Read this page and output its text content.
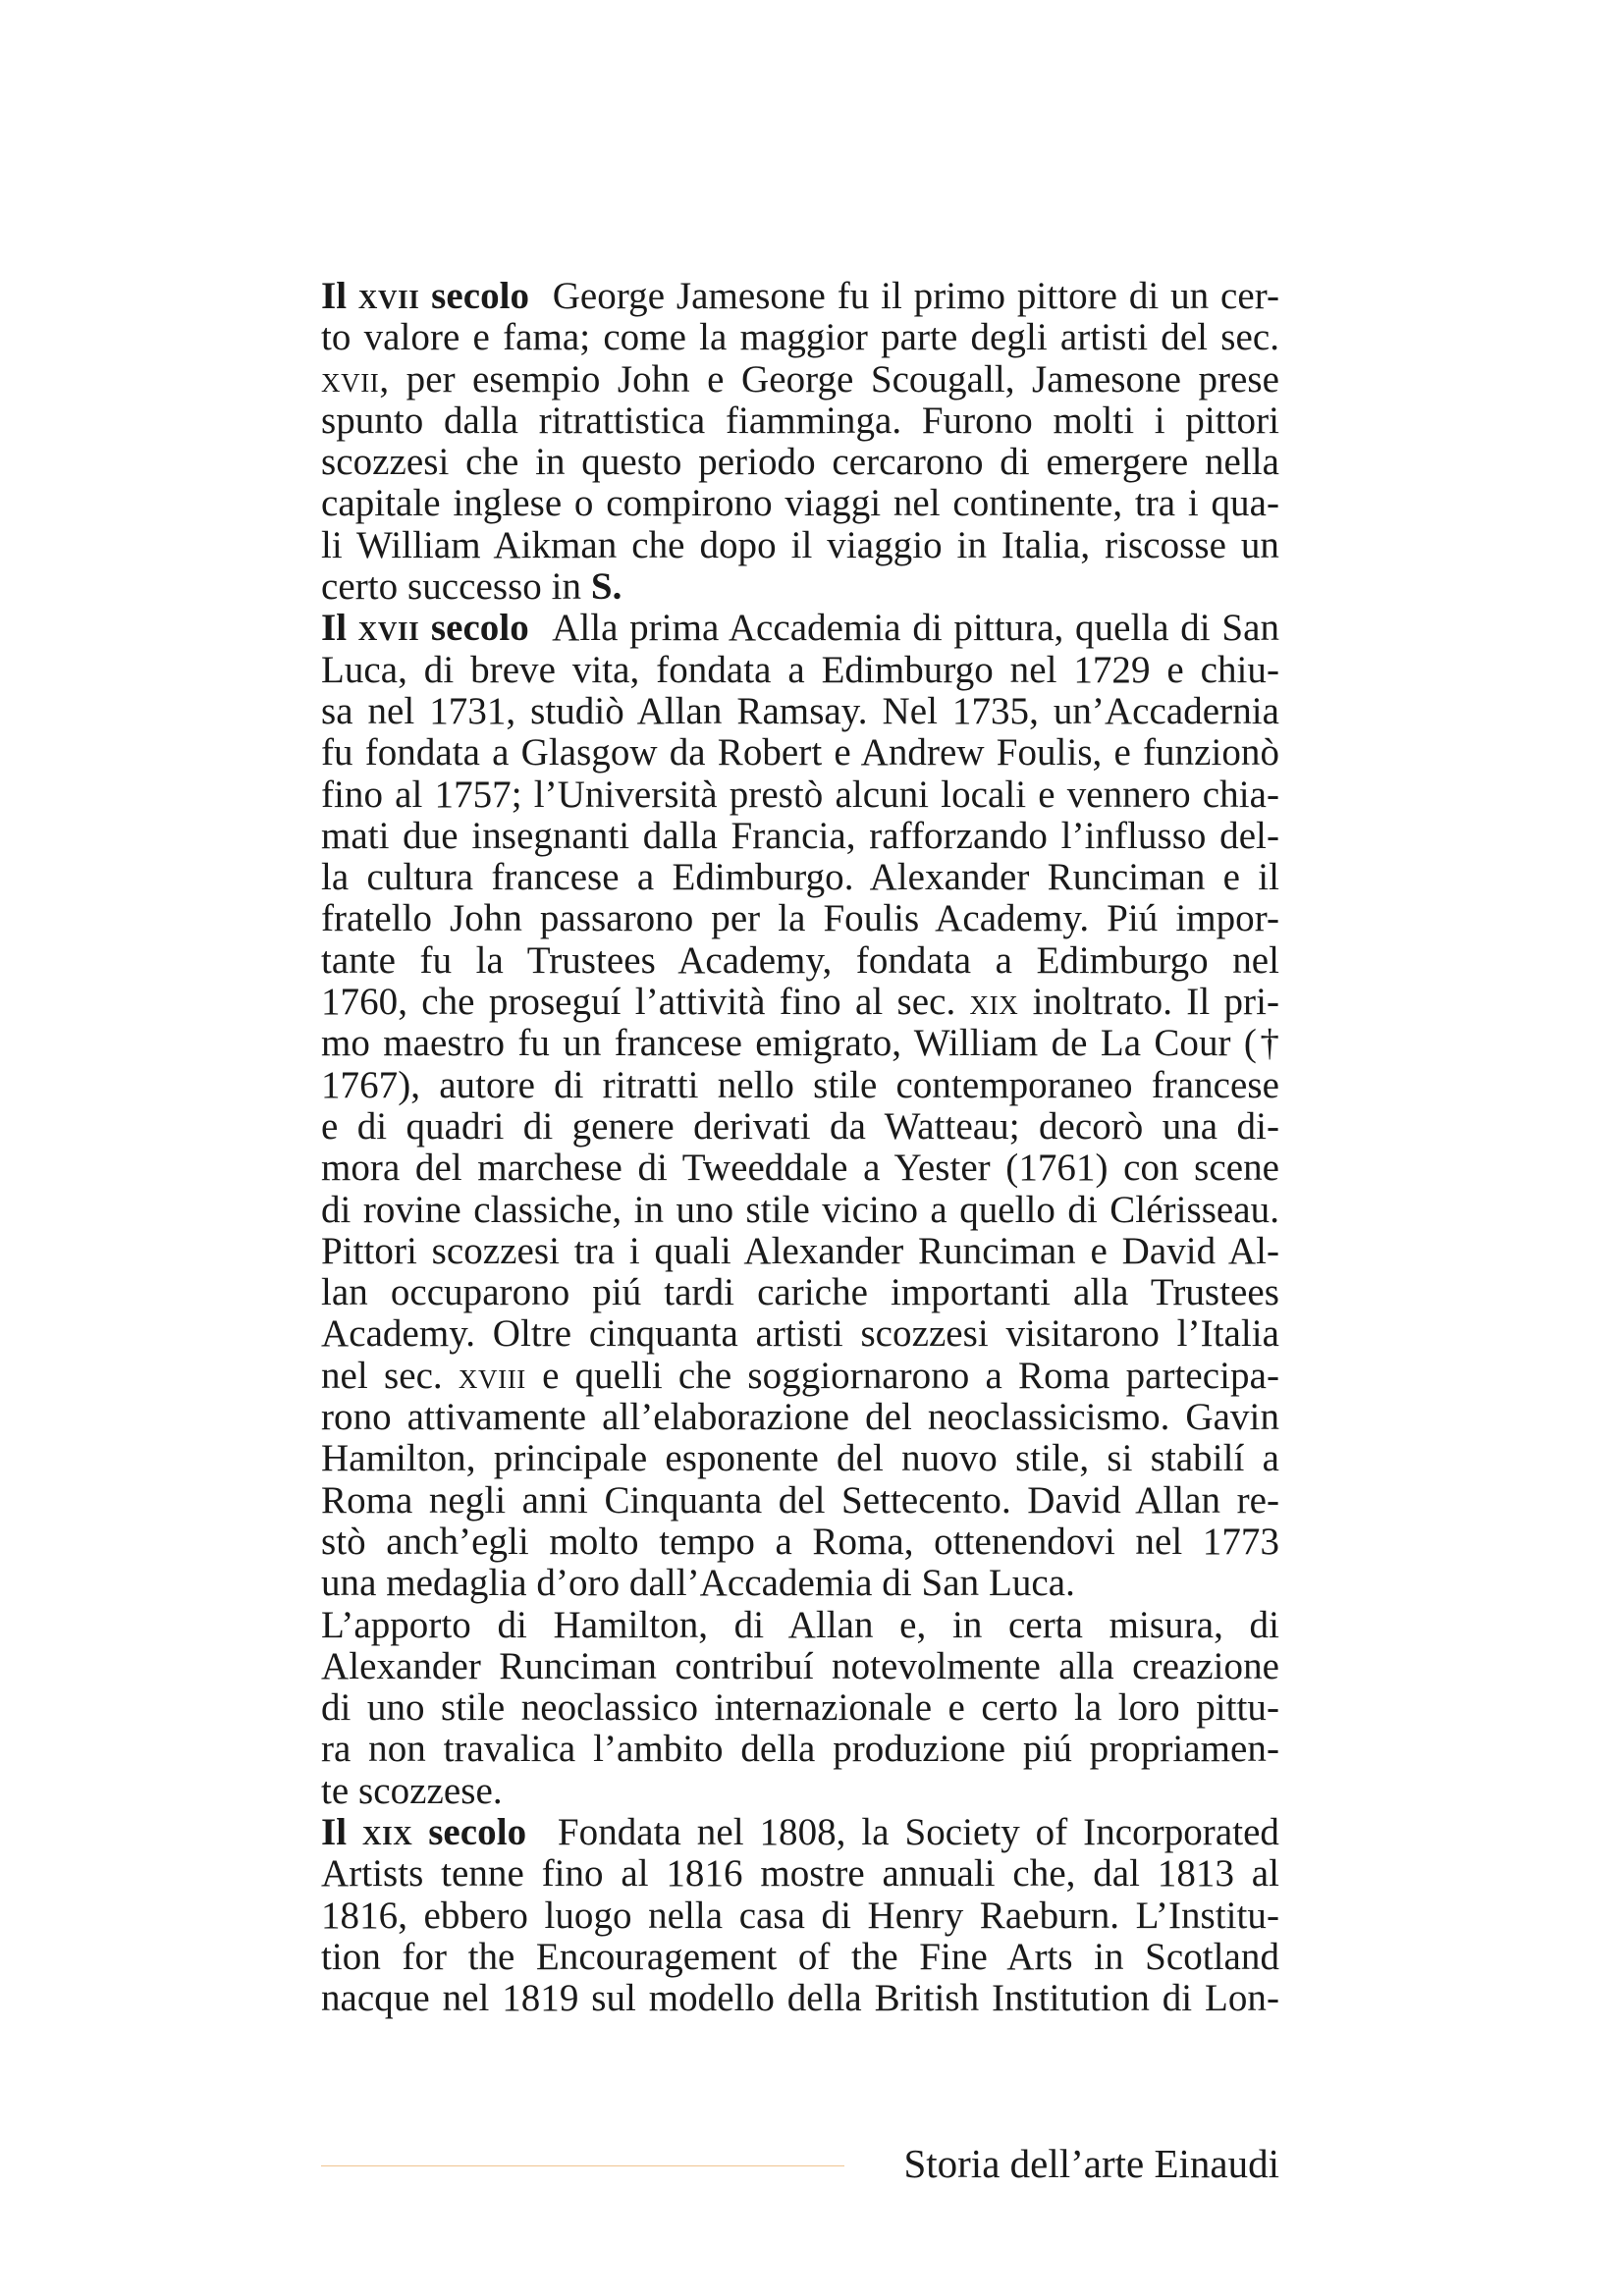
Il xvii secolo George Jamesone fu il primo pittore di un cer-
to valore e fama; come la maggior parte degli artisti del sec.
xvii, per esempio John e George Scougall, Jamesone prese
spunto dalla ritrattistica fiamminga. Furono molti i pittori
scozzesi che in questo periodo cercarono di emergere nella
capitale inglese o compirono viaggi nel continente, tra i qua-
li William Aikman che dopo il viaggio in Italia, riscosse un
certo successo in S.
Il xvii secolo Alla prima Accademia di pittura, quella di San
Luca, di breve vita, fondata a Edimburgo nel 1729 e chiu-
sa nel 1731, studiò Allan Ramsay. Nel 1735, un’Accadernia
fu fondata a Glasgow da Robert e Andrew Foulis, e funzionò
fino al 1757; l’Università prestò alcuni locali e vennero chia-
mati due insegnanti dalla Francia, rafforzando l’influsso del-
la cultura francese a Edimburgo. Alexander Runciman e il
fratello John passarono per la Foulis Academy. Piú impor-
tante fu la Trustees Academy, fondata a Edimburgo nel
1760, che proseguí l’attività fino al sec. xix inoltrato. Il pri-
mo maestro fu un francese emigrato, William de La Cour (†
1767), autore di ritratti nello stile contemporaneo francese
e di quadri di genere derivati da Watteau; decorò una di-
mora del marchese di Tweeddale a Yester (1761) con scene
di rovine classiche, in uno stile vicino a quello di Clérisseau.
Pittori scozzesi tra i quali Alexander Runciman e David Al-
lan occuparono piú tardi cariche importanti alla Trustees
Academy. Oltre cinquanta artisti scozzesi visitarono l’Italia
nel sec. xviii e quelli che soggiornarono a Roma partecipa-
rono attivamente all’elaborazione del neoclassicismo. Gavin
Hamilton, principale esponente del nuovo stile, si stabilí a
Roma negli anni Cinquanta del Settecento. David Allan re-
stò anch’egli molto tempo a Roma, ottenendovi nel 1773
una medaglia d’oro dall’Accademia di San Luca.
L’apporto di Hamilton, di Allan e, in certa misura, di
Alexander Runciman contribuí notevolmente alla creazione
di uno stile neoclassico internazionale e certo la loro pittu-
ra non travalica l’ambito della produzione piú propriamen-
te scozzese.
Il xix secolo Fondata nel 1808, la Society of Incorporated
Artists tenne fino al 1816 mostre annuali che, dal 1813 al
1816, ebbero luogo nella casa di Henry Raeburn. L’Institu-
tion for the Encouragement of the Fine Arts in Scotland
nacque nel 1819 sul modello della British Institution di Lon-
Storia dell’arte Einaudi
